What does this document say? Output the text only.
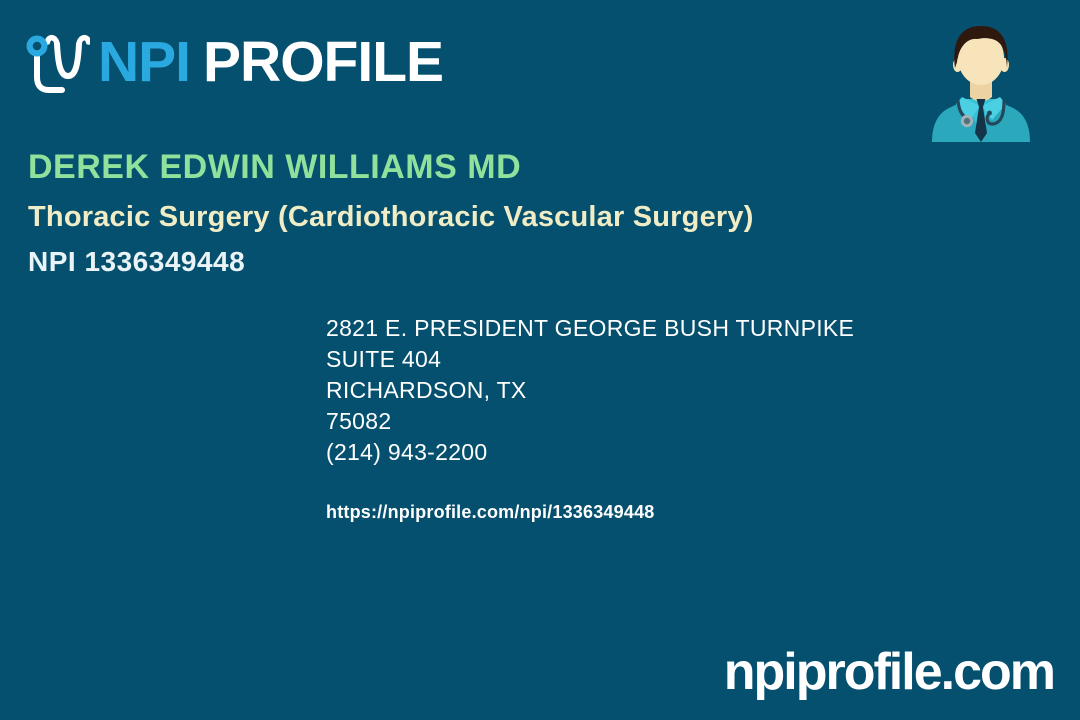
NPI PROFILE
DEREK EDWIN WILLIAMS MD
Thoracic Surgery (Cardiothoracic Vascular Surgery)
NPI 1336349448
2821 E. PRESIDENT GEORGE BUSH TURNPIKE
SUITE 404
RICHARDSON, TX
75082
(214) 943-2200
https://npiprofile.com/npi/1336349448
npiprofile.com
